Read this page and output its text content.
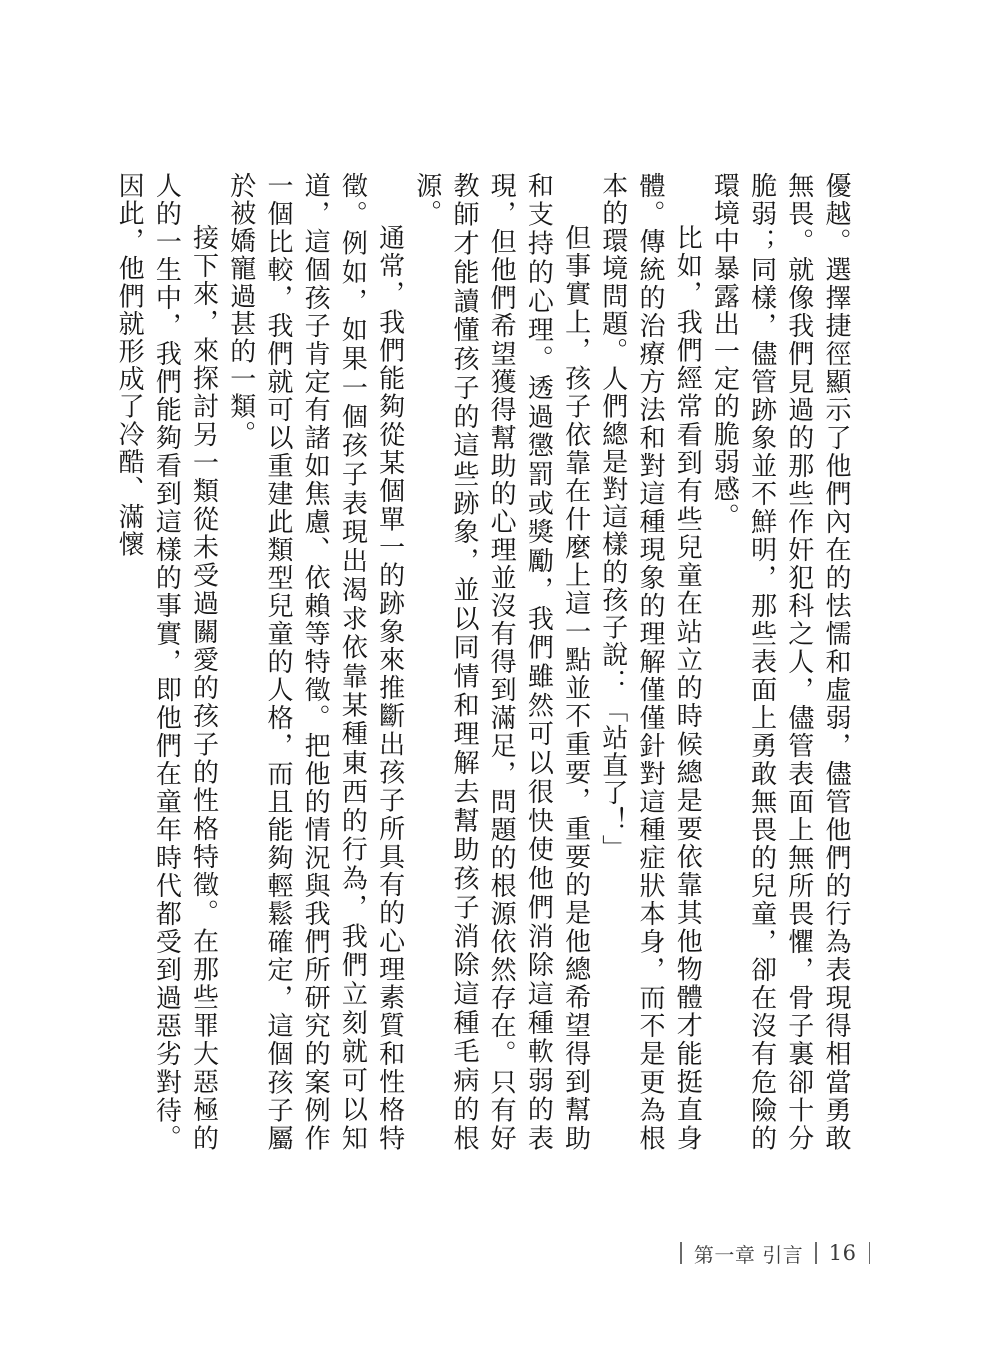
優越。選擇捷徑顯示了他們內在的怯懦和虛弱，儘管他們的行為表現得相當勇敢無畏。就像我們見過的那些作奸犯科之人，儘管表面上無所畏懼，骨子裏卻十分脆弱；同樣，儘管跡象並不鮮明，那些表面上勇敢無畏的兒童，卻在沒有危險的環境中暴露出一定的脆弱感。

比如，我們經常看到有些兒童在站立的時候總是要依靠其他物體才能挺直身體。傳統的治療方法和對這種現象的理解僅僅針對這種症狀本身，而不是更為根本的環境問題。人們總是對這樣的孩子說：「站直了！」

但事實上，孩子依靠在什麼上這一點並不重要，重要的是他總希望得到幫助和支持的心理。透過懲罰或獎勵，我們雖然可以很快使他們消除這種軟弱的表現，但他們希望獲得幫助的心理並沒有得到滿足，問題的根源依然存在。只有好教師才能讀懂孩子的這些跡象，並以同情和理解去幫助孩子消除這種毛病的根源。

通常，我們能夠從某個單一的跡象來推斷出孩子所具有的心理素質和性格特徵。例如，如果一個孩子表現出渴求依靠某種東西的行為，我們立刻就可以知道，這個孩子肯定有諸如焦慮、依賴等特徵。把他的情況與我們所研究的案例作一個比較，我們就可以重建此類型兒童的人格，而且能夠輕鬆確定，這個孩子屬於被嬌寵過甚的一類。

接下來，來探討另一類從未受過關愛的孩子的性格特徵。在那些罪大惡極的人的一生中，我們能夠看到這樣的事實，即他們在童年時代都受到過惡劣對待。因此，他們就形成了冷酷、滿懷

第一章 引言 16
